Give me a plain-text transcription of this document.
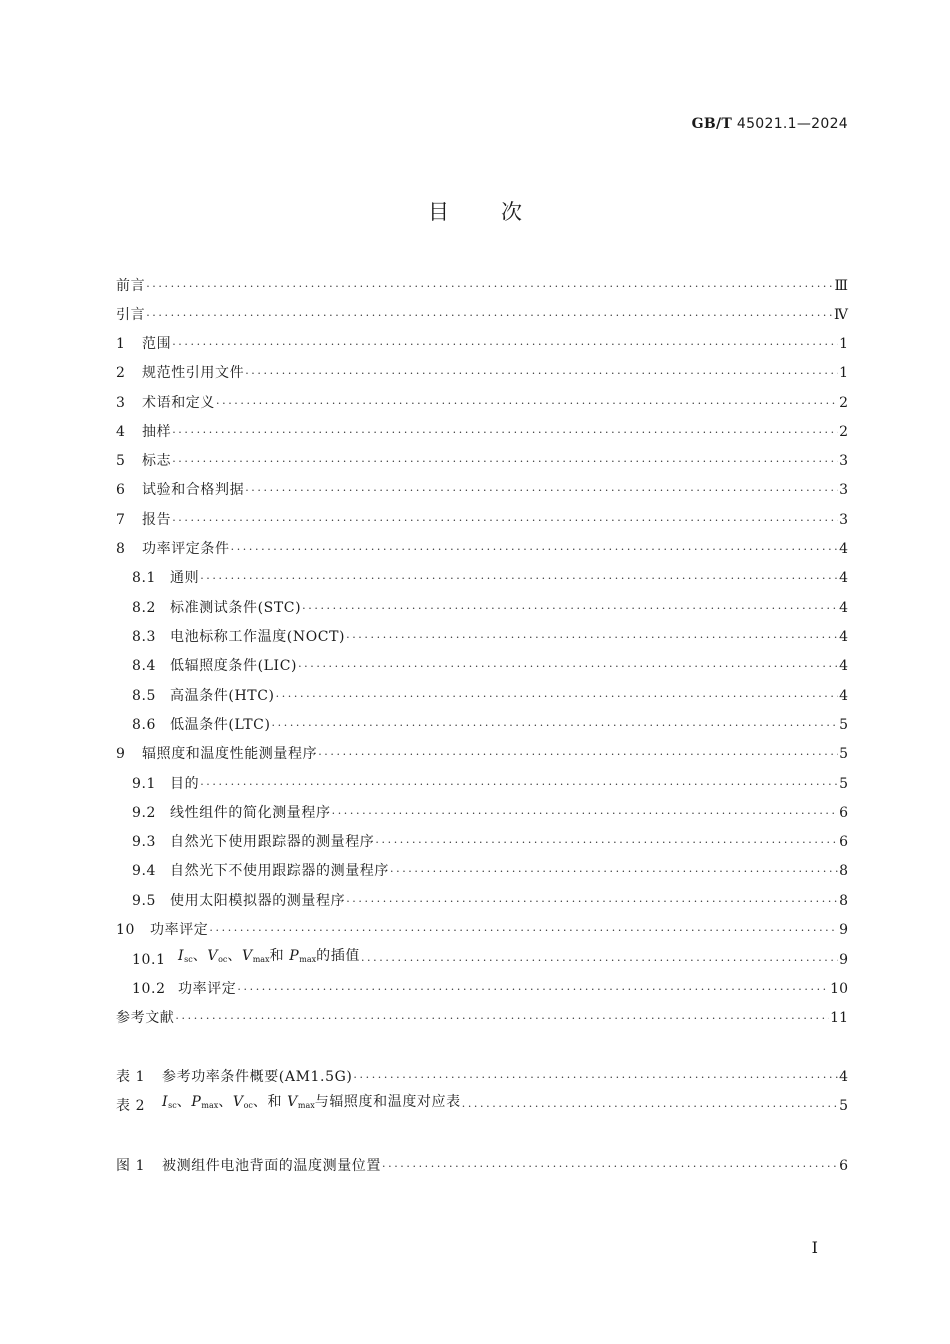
GB/T 45021.1—2024
目次
前言 ·····	Ⅲ
引言 ·····	Ⅳ
1	范围 ·····	1
2	规范性引用文件 ·····	1
3	术语和定义 ·····	2
4	抽样 ·····	2
5	标志 ·····	3
6	试验和合格判据 ·····	3
7	报告 ·····	3
8	功率评定条件 ·····	4
8.1 通则 ·····	4
8.2 标准测试条件(STC) ·····	4
8.3 电池标称工作温度(NOCT) ·····	4
8.4 低辐照度条件(LIC) ·····	4
8.5 高温条件(HTC) ·····	4
8.6 低温条件(LTC) ·····	5
9	辐照度和温度性能测量程序 ·····	5
9.1 目的 ·····	5
9.2 线性组件的简化测量程序 ·····	6
9.3 自然光下使用跟踪器的测量程序 ·····	6
9.4 自然光下不使用跟踪器的测量程序 ·····	8
9.5 使用太阳模拟器的测量程序 ·····	8
10	功率评定 ·····	9
10.1 $I_{sc}$、$V_{oc}$、$V_{max}$和 $P_{max}$的插值 ·····	9
10.2 功率评定 ·····	10
参考文献 ·····	11
表 1	参考功率条件概要(AM1.5G) ·····	4
表 2	$I_{sc}$、$P_{max}$、$V_{oc}$、和 $V_{max}$与辐照度和温度对应表 ·····	5
图 1	被测组件电池背面的温度测量位置 ·····	6
Ⅰ
